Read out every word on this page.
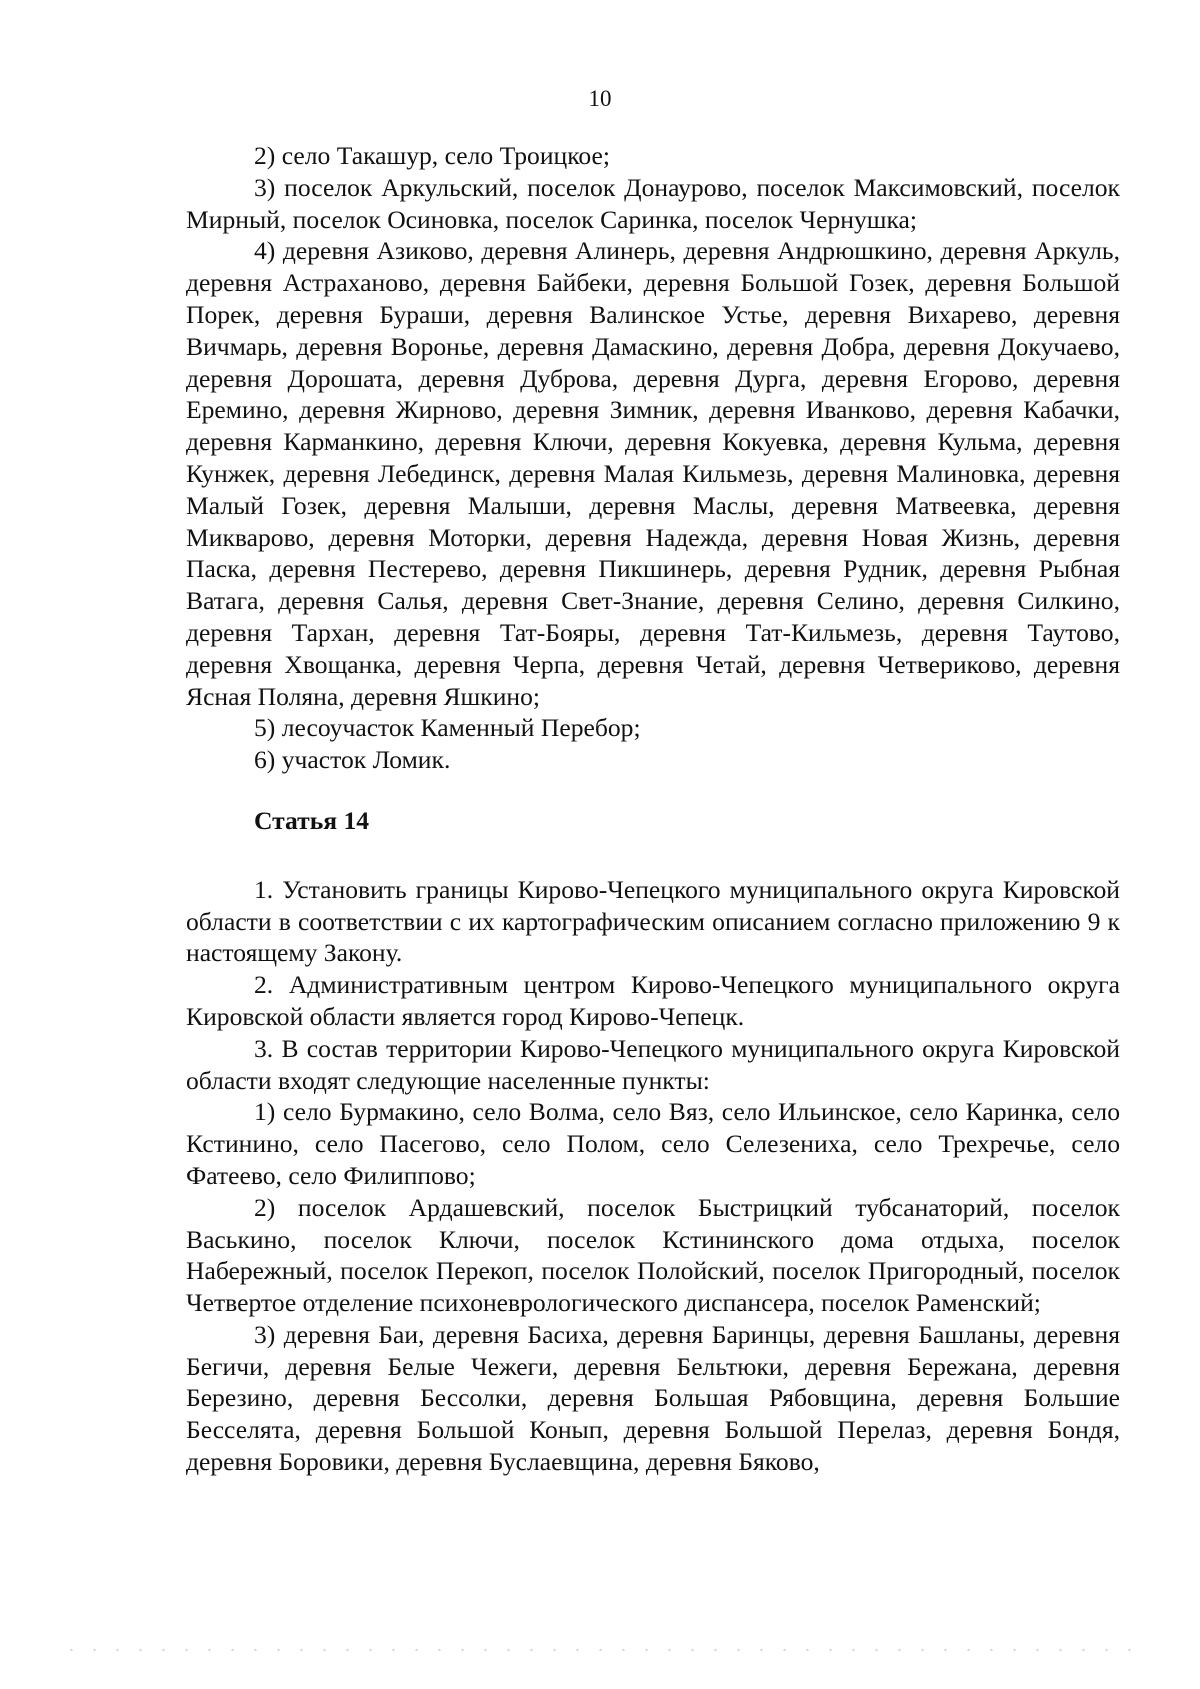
10

2) село Такашур, село Троицкое;

3) поселок Аркульский, поселок Донаурово, поселок Максимовский, поселок Мирный, поселок Осиновка, поселок Саринка, поселок Чернушка;

4) деревня Азиково, деревня Алинерь, деревня Андрюшкино, деревня Аркуль, деревня Астраханово, деревня Байбеки, деревня Большой Гозек, деревня Большой Порек, деревня Бураши, деревня Валинское Устье, деревня Вихарево, деревня Вичмарь, деревня Воронье, деревня Дамаскино, деревня Добра, деревня Докучаево, деревня Дорошата, деревня Дуброва, деревня Дурга, деревня Егорово, деревня Еремино, деревня Жирново, деревня Зимник, деревня Иванково, деревня Кабачки, деревня Карманкино, деревня Ключи, деревня Кокуевка, деревня Кульма, деревня Кунжек, деревня Лебединск, деревня Малая Кильмезь, деревня Малиновка, деревня Малый Гозек, деревня Малыши, деревня Маслы, деревня Матвеевка, деревня Микварово, деревня Моторки, деревня Надежда, деревня Новая Жизнь, деревня Паска, деревня Пестерево, деревня Пикшинерь, деревня Рудник, деревня Рыбная Ватага, деревня Салья, деревня Свет-Знание, деревня Селино, деревня Силкино, деревня Тархан, деревня Тат-Бояры, деревня Тат-Кильмезь, деревня Таутово, деревня Хвощанка, деревня Черпа, деревня Четай, деревня Четвериково, деревня Ясная Поляна, деревня Яшкино;

5) лесоучасток Каменный Перебор;

6) участок Ломик.

Статья 14

1. Установить границы Кирово-Чепецкого муниципального округа Кировской области в соответствии с их картографическим описанием согласно приложению 9 к настоящему Закону.

2. Административным центром Кирово-Чепецкого муниципального округа Кировской области является город Кирово-Чепецк.

3. В состав территории Кирово-Чепецкого муниципального округа Кировской области входят следующие населенные пункты:

1) село Бурмакино, село Волма, село Вяз, село Ильинское, село Каринка, село Кстинино, село Пасегово, село Полом, село Селезениха, село Трехречье, село Фатеево, село Филиппово;

2) поселок Ардашевский, поселок Быстрицкий тубсанаторий, поселок Васькино, поселок Ключи, поселок Кстининского дома отдыха, поселок Набережный, поселок Перекоп, поселок Полойский, поселок Пригородный, поселок Четвертое отделение психоневрологического диспансера, поселок Раменский;

3) деревня Баи, деревня Басиха, деревня Баринцы, деревня Башланы, деревня Бегичи, деревня Белые Чежеги, деревня Бельтюки, деревня Бережана, деревня Березино, деревня Бессолки, деревня Большая Рябовщина, деревня Большие Бесселята, деревня Большой Конып, деревня Большой Перелаз, деревня Бондя, деревня Боровики, деревня Буслаевщина, деревня Бяково,
